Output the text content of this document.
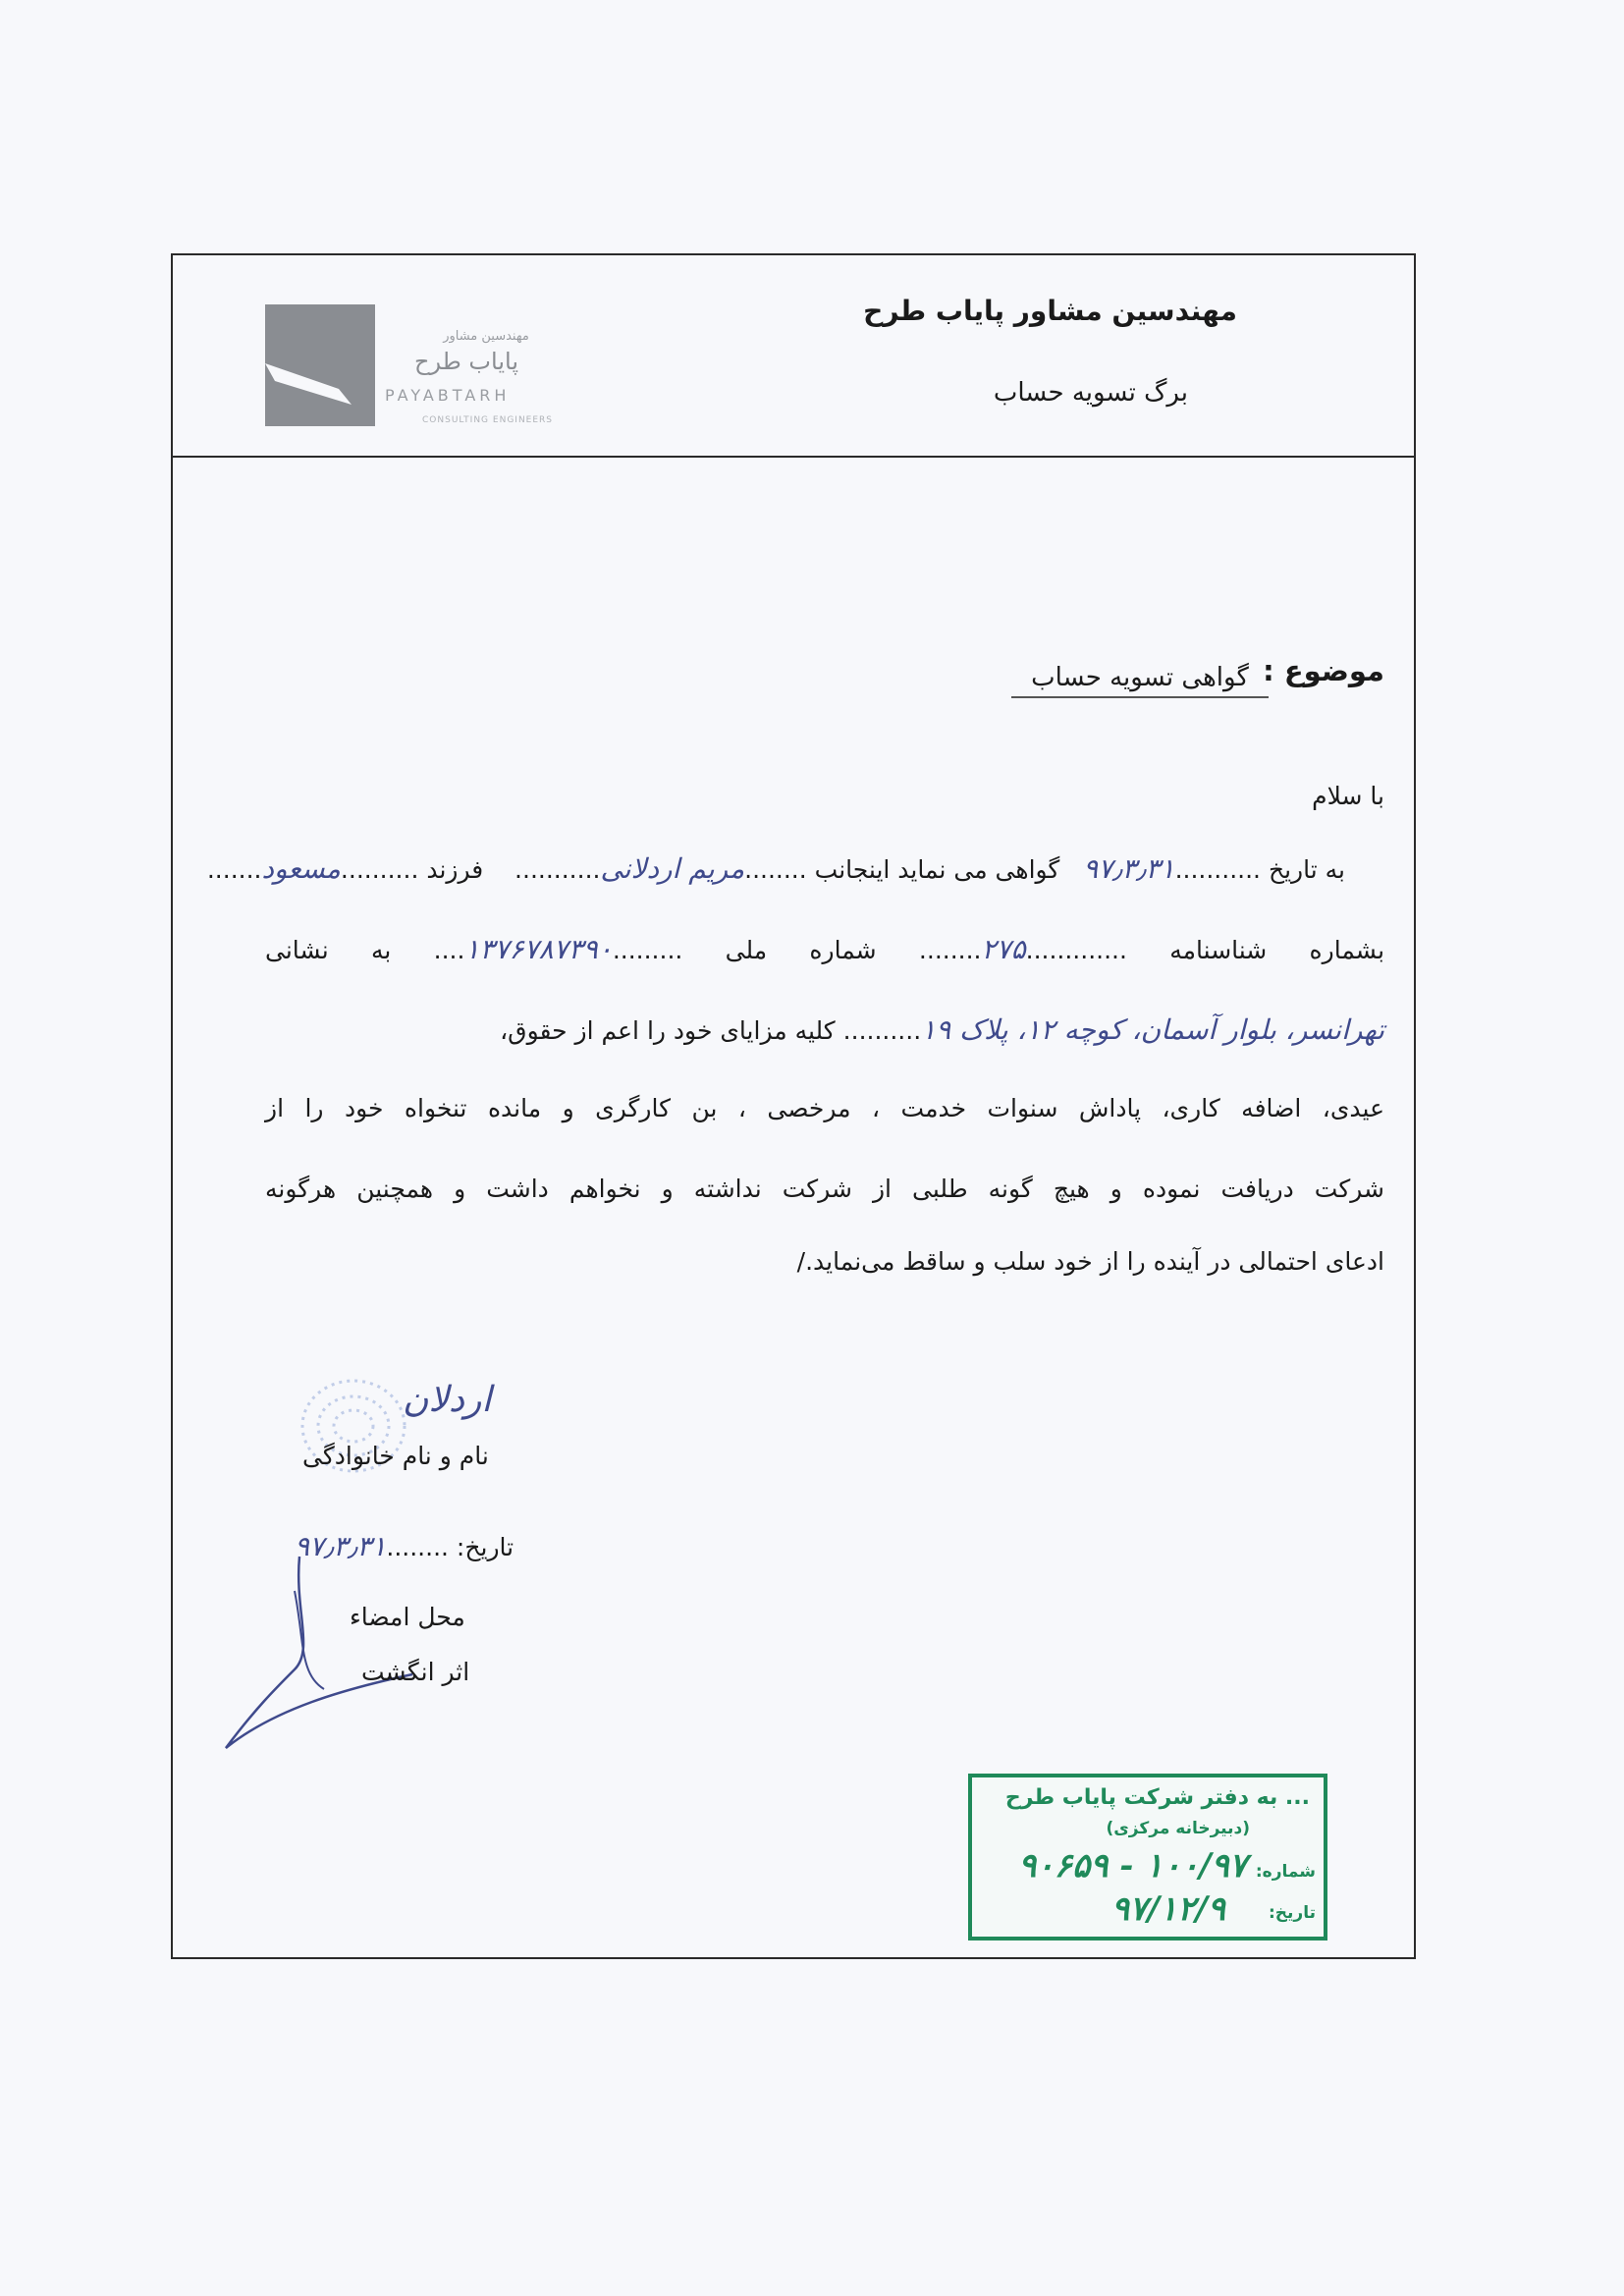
مهندسین مشاور پایاب طرح
برگ تسویه حساب
مهندسین مشاور
پایاب طرح
PAYABTARH
CONSULTING ENGINEERS
موضوع :
گواهی تسویه حساب
با سلام
به تاریخ ...........۹۷٫۳٫۳۱   گواهی می نماید اینجانب ........مریم اردلانی...........    فرزند ..........مسعود.......
بشماره شناسنامه .............۲۷۵........ شماره ملی .........۱۳۷۶۷۸۷۳۹۰.... به نشانی
تهرانسر، بلوار آسمان، کوچه ۱۲، پلاک ۱۹.......... کلیه مزایای خود را اعم از حقوق،
عیدی، اضافه کاری، پاداش سنوات خدمت ، مرخصی ، بن کارگری و مانده تنخواه خود را از
شرکت دریافت نموده و هیچ گونه طلبی از شرکت نداشته و نخواهم داشت و همچنین هرگونه
ادعای احتمالی در آینده را از خود سلب و ساقط می‌نماید./
اردلان
نام و نام خانوادگی
تاریخ: ........۹۷٫۳٫۳۱
محل امضاء
اثر انگشت
... به دفتر شرکت پایاب طرح
(دبیرخانه مرکزی)
شماره:
۱۰۰/۹۷ - ۹۰۶۵۹
تاریخ:
۹۷/۱۲/۹
